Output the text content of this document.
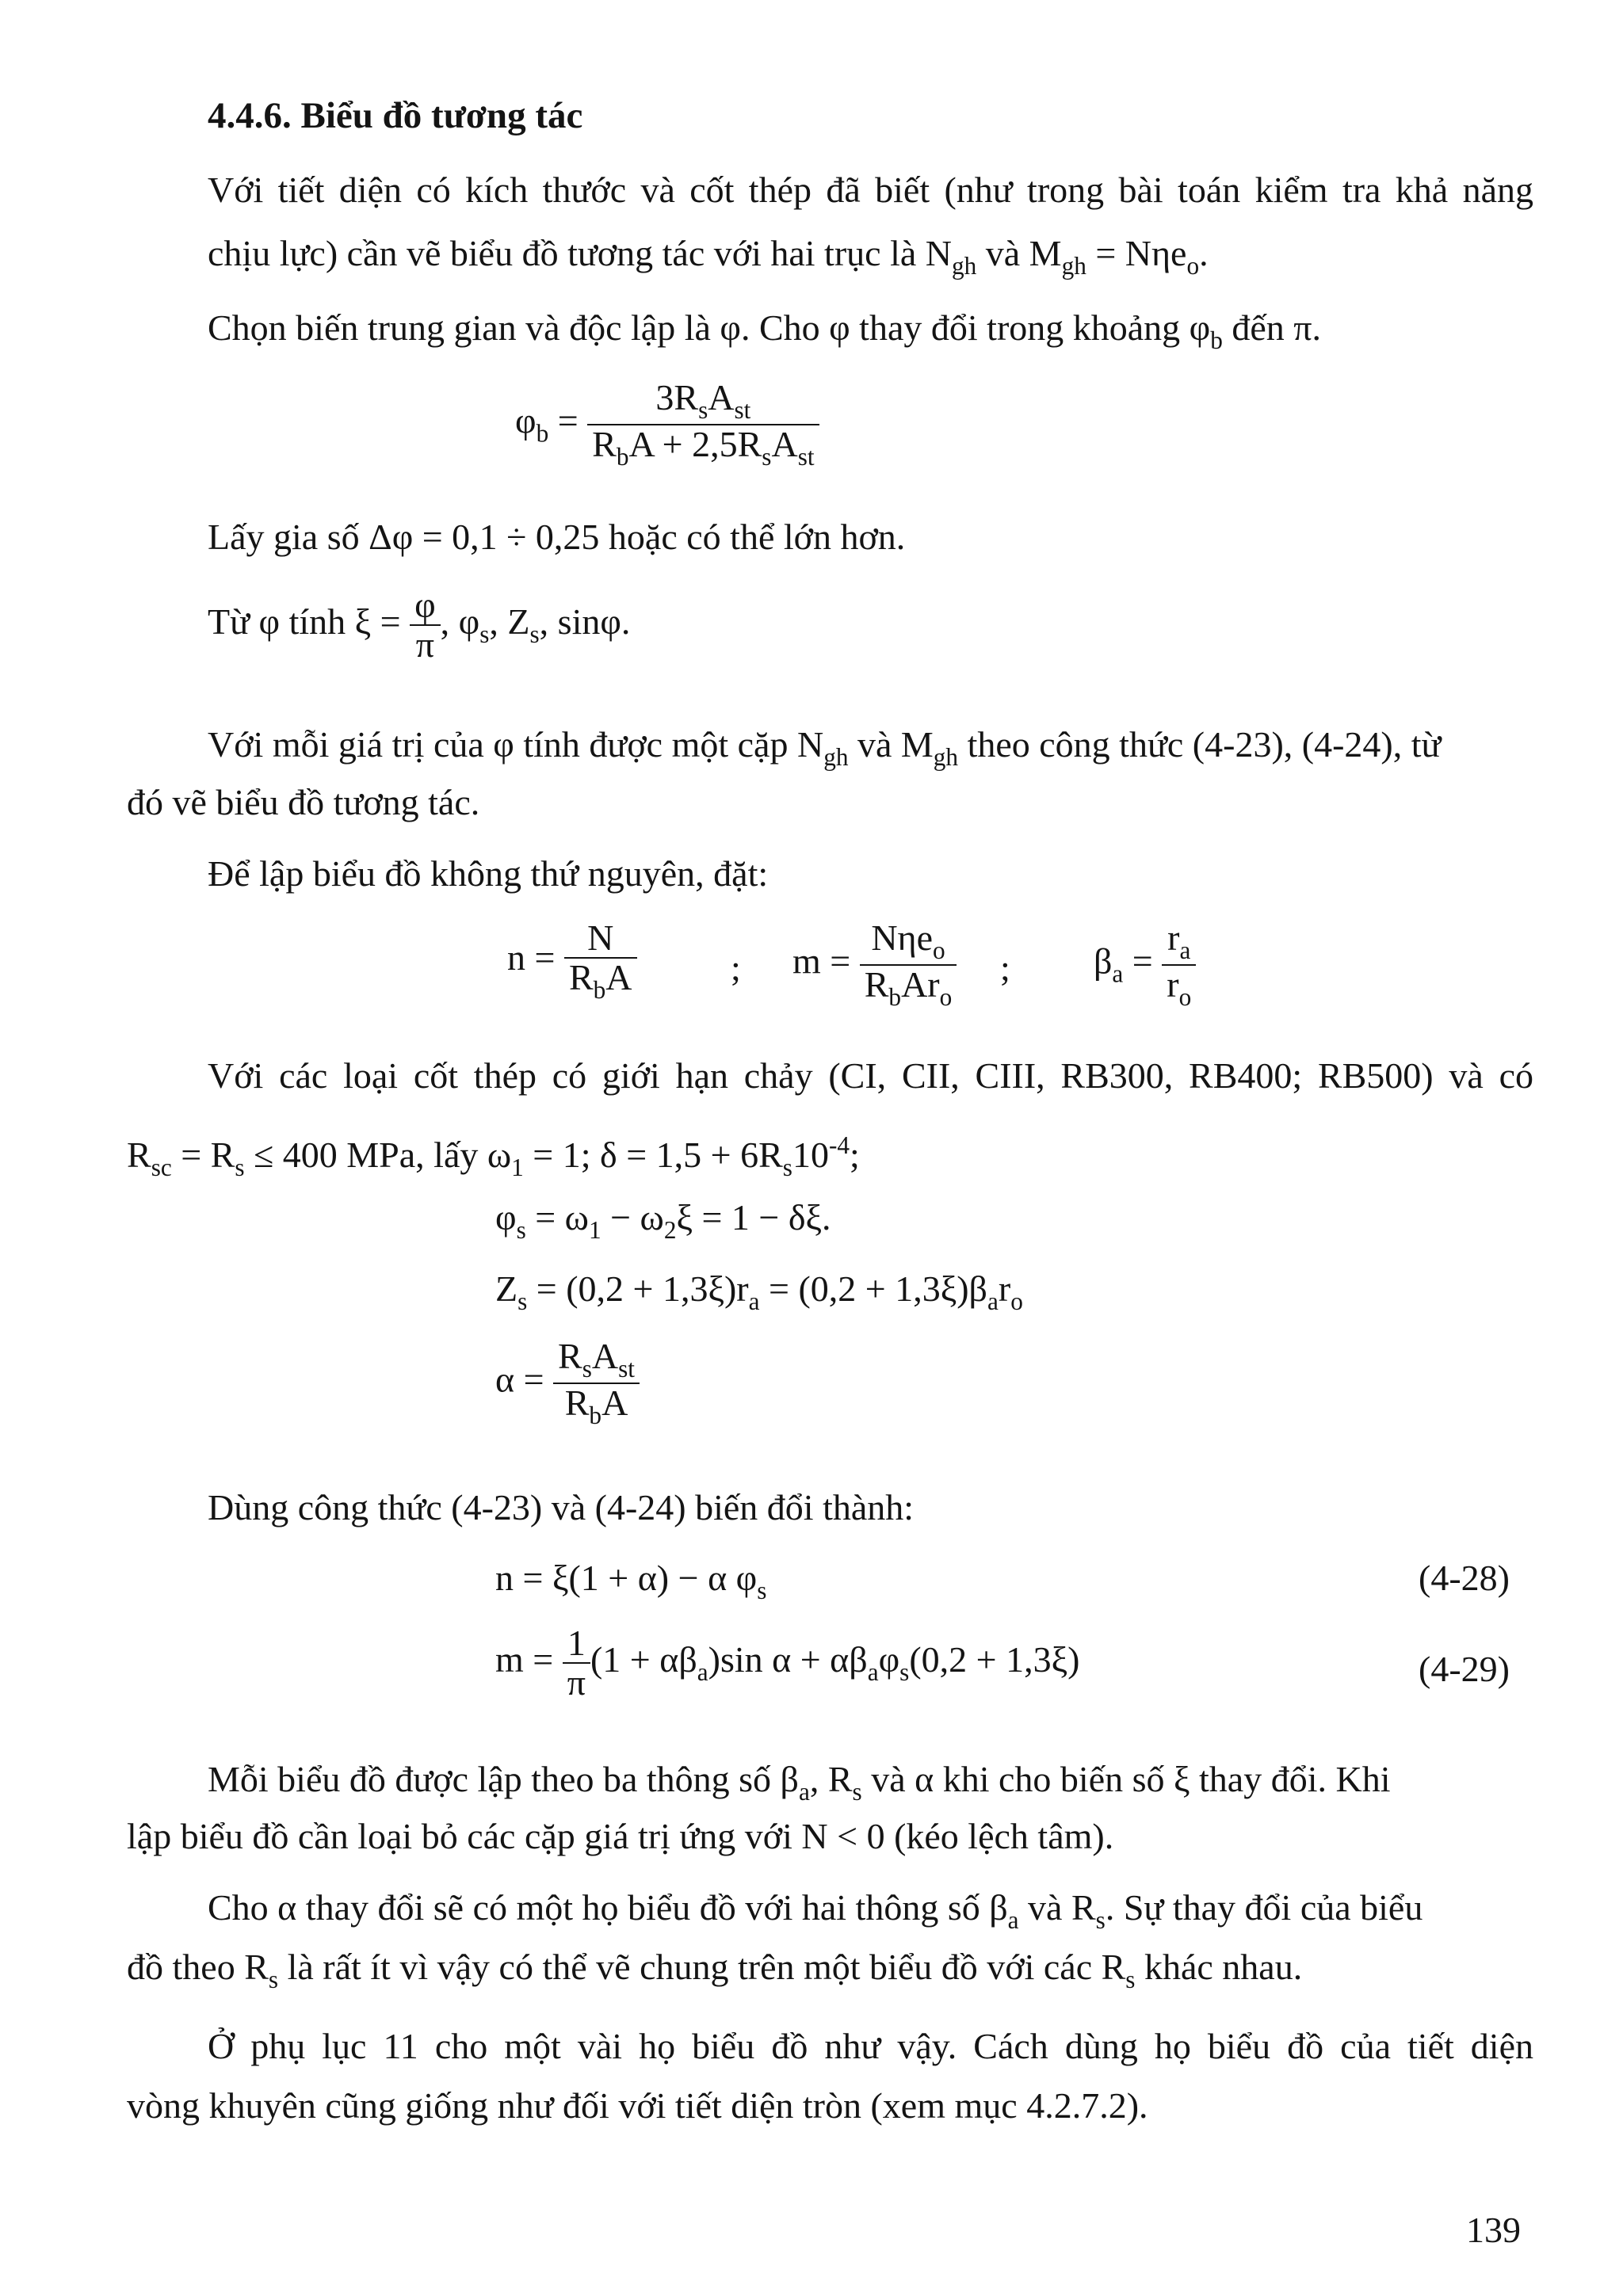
4.4.6. Biểu đồ tương tác
Với tiết diện có kích thước và cốt thép đã biết (như trong bài toán kiểm tra khả năng
chịu lực) cần vẽ biểu đồ tương tác với hai trục là $N_{gh}$ và $M_{gh} = N\eta e_o$.
Chọn biến trung gian và độc lập là φ. Cho φ thay đổi trong khoảng $\varphi_b$ đến π.
$\varphi_b = \frac{3R_sA_{st}}{R_bA + 2,5R_sA_{st}}$
Lấy gia số Δφ = 0,1 ÷ 0,25 hoặc có thể lớn hơn.
Từ φ tính $\xi = \frac{\varphi}{\pi}$ , $\varphi_s$, $Z_s$, sinφ.
Với mỗi giá trị của φ tính được một cặp $N_{gh}$ và $M_{gh}$ theo công thức (4-23), (4-24), từ
đó vẽ biểu đồ tương tác.
Để lập biểu đồ không thứ nguyên, đặt:
$n = \frac{N}{R_bA}$	; $m = \frac{N\eta e_o}{R_bAr_o}$ ; $\beta_a = \frac{r_a}{r_o}$
Với các loại cốt thép có giới hạn chảy (CI, CII, CIII, RB300, RB400; RB500) và có
$R_{sc} = R_s \le 400$ MPa, lấy $\omega_1 = 1$; $\delta = 1,5 + 6R_s10^{-4}$;
$\varphi_s = \omega_1 - \omega_2\xi = 1 - \delta\xi$.
$Z_s = (0,2 + 1,3\xi)r_a = (0,2 + 1,3\xi)\beta_ar_o$
$\alpha = \frac{R_sA_{st}}{R_bA}$
Dùng công thức (4-23) và (4-24) biến đổi thành:
n = ξ(1 + α) − α $\varphi_s$	(4-28)
$m = \frac{1}{\pi} (1 + \alpha\beta_a)\sin$ $\alpha + \alpha\beta_a\varphi_s(0,2 + 1,3\xi)$	(4-29)
Mỗi biểu đồ được lập theo ba thông số $\beta_a$, $R_s$ và α khi cho biến số ξ thay đổi. Khi
lập biểu đồ cần loại bỏ các cặp giá trị ứng với N < 0 (kéo lệch tâm).
Cho α thay đổi sẽ có một họ biểu đồ với hai thông số $\beta_a$ và $R_s$. Sự thay đổi của biểu
đồ theo $R_s$ là rất ít vì vậy có thể vẽ chung trên một biểu đồ với các $R_s$ khác nhau.
Ở phụ lục 11 cho một vài họ biểu đồ như vậy. Cách dùng họ biểu đồ của tiết diện
vòng khuyên cũng giống như đối với tiết diện tròn (xem mục 4.2.7.2).
139
